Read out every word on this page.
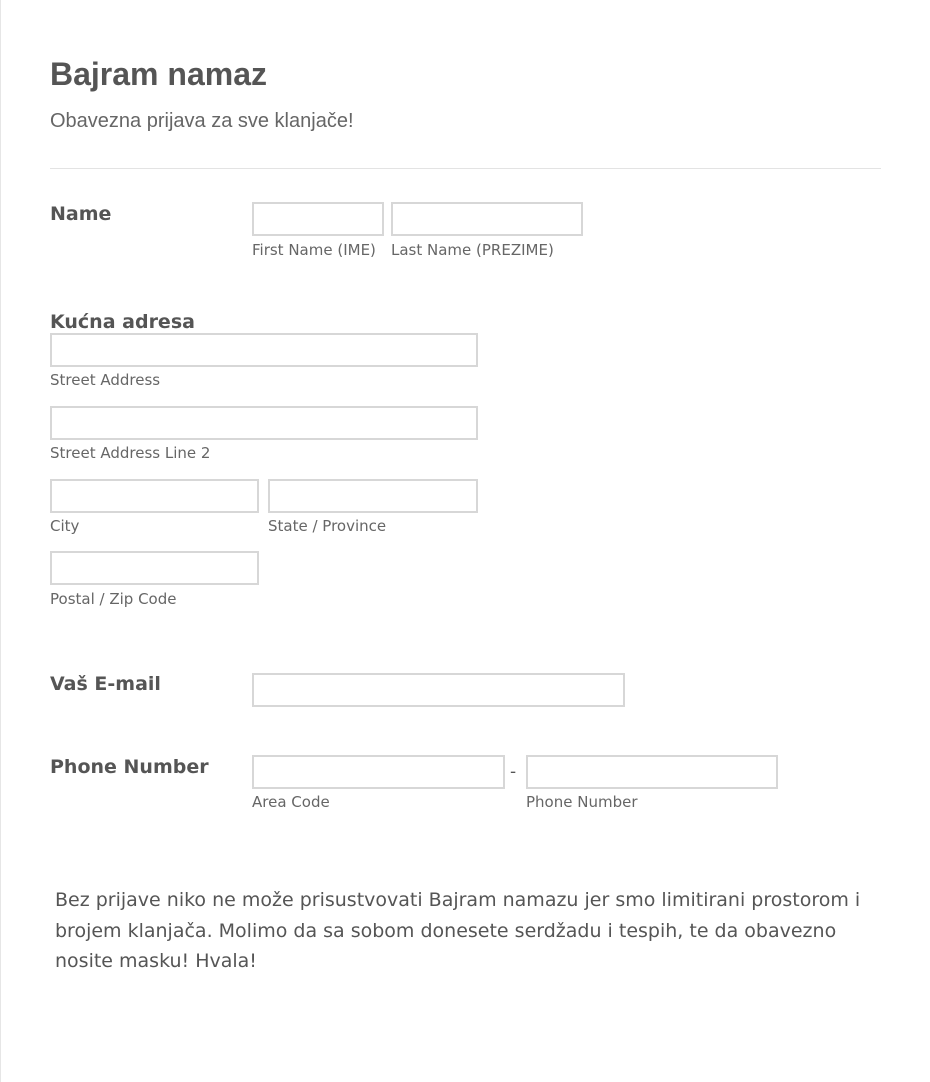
Bajram namaz

Obavezna prijava za sve klanjače!

Name
First Name (IME) Last Name (PREZIME)
Kućna adresa
Street Address
Street Address Line 2
City	State / Province
Postal / Zip Code
Vaš E-mail
Phone Number	-
Area Code	Phone Number

Bez prijave niko ne može prisustvovati Bajram namazu jer smo limitirani prostorom i brojem klanjača. Molimo da sa sobom donesete serdžadu i tespih, te da obavezno nosite masku! Hvala!
